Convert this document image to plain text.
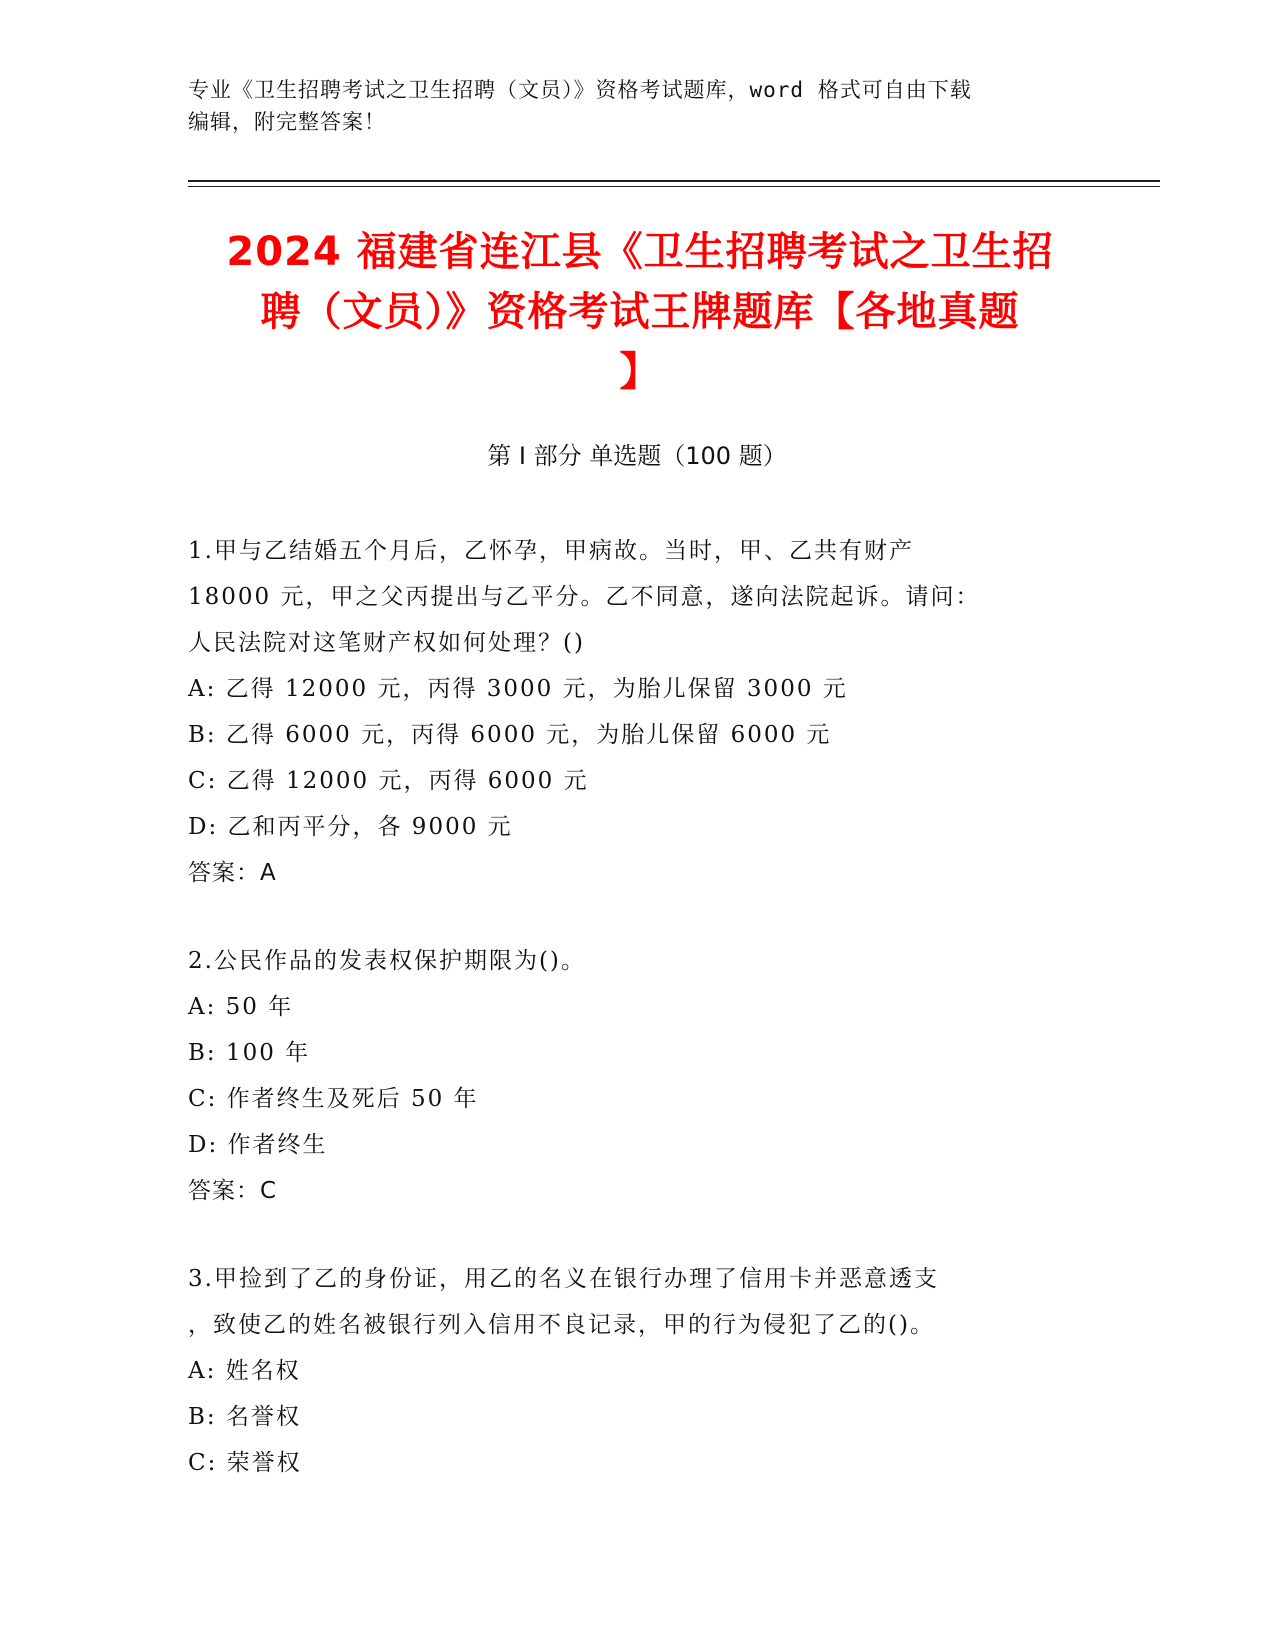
专业《卫生招聘考试之卫生招聘（文员）》资格考试题库，word 格式可自由下载
编辑，附完整答案！
2024 福建省连江县《卫生招聘考试之卫生招
聘（文员）》资格考试王牌题库【各地真题
】
第 I 部分 单选题（100 题）
1.甲与乙结婚五个月后，乙怀孕，甲病故。当时，甲、乙共有财产
18000 元，甲之父丙提出与乙平分。乙不同意，遂向法院起诉。请问：
人民法院对这笔财产权如何处理？()
A: 乙得 12000 元，丙得 3000 元，为胎儿保留 3000 元
B: 乙得 6000 元，丙得 6000 元，为胎儿保留 6000 元
C: 乙得 12000 元，丙得 6000 元
D: 乙和丙平分，各 9000 元
答案：A
2.公民作品的发表权保护期限为()。
A: 50 年
B: 100 年
C: 作者终生及死后 50 年
D: 作者终生
答案：C
3.甲捡到了乙的身份证，用乙的名义在银行办理了信用卡并恶意透支
，致使乙的姓名被银行列入信用不良记录，甲的行为侵犯了乙的()。
A: 姓名权
B: 名誉权
C: 荣誉权
